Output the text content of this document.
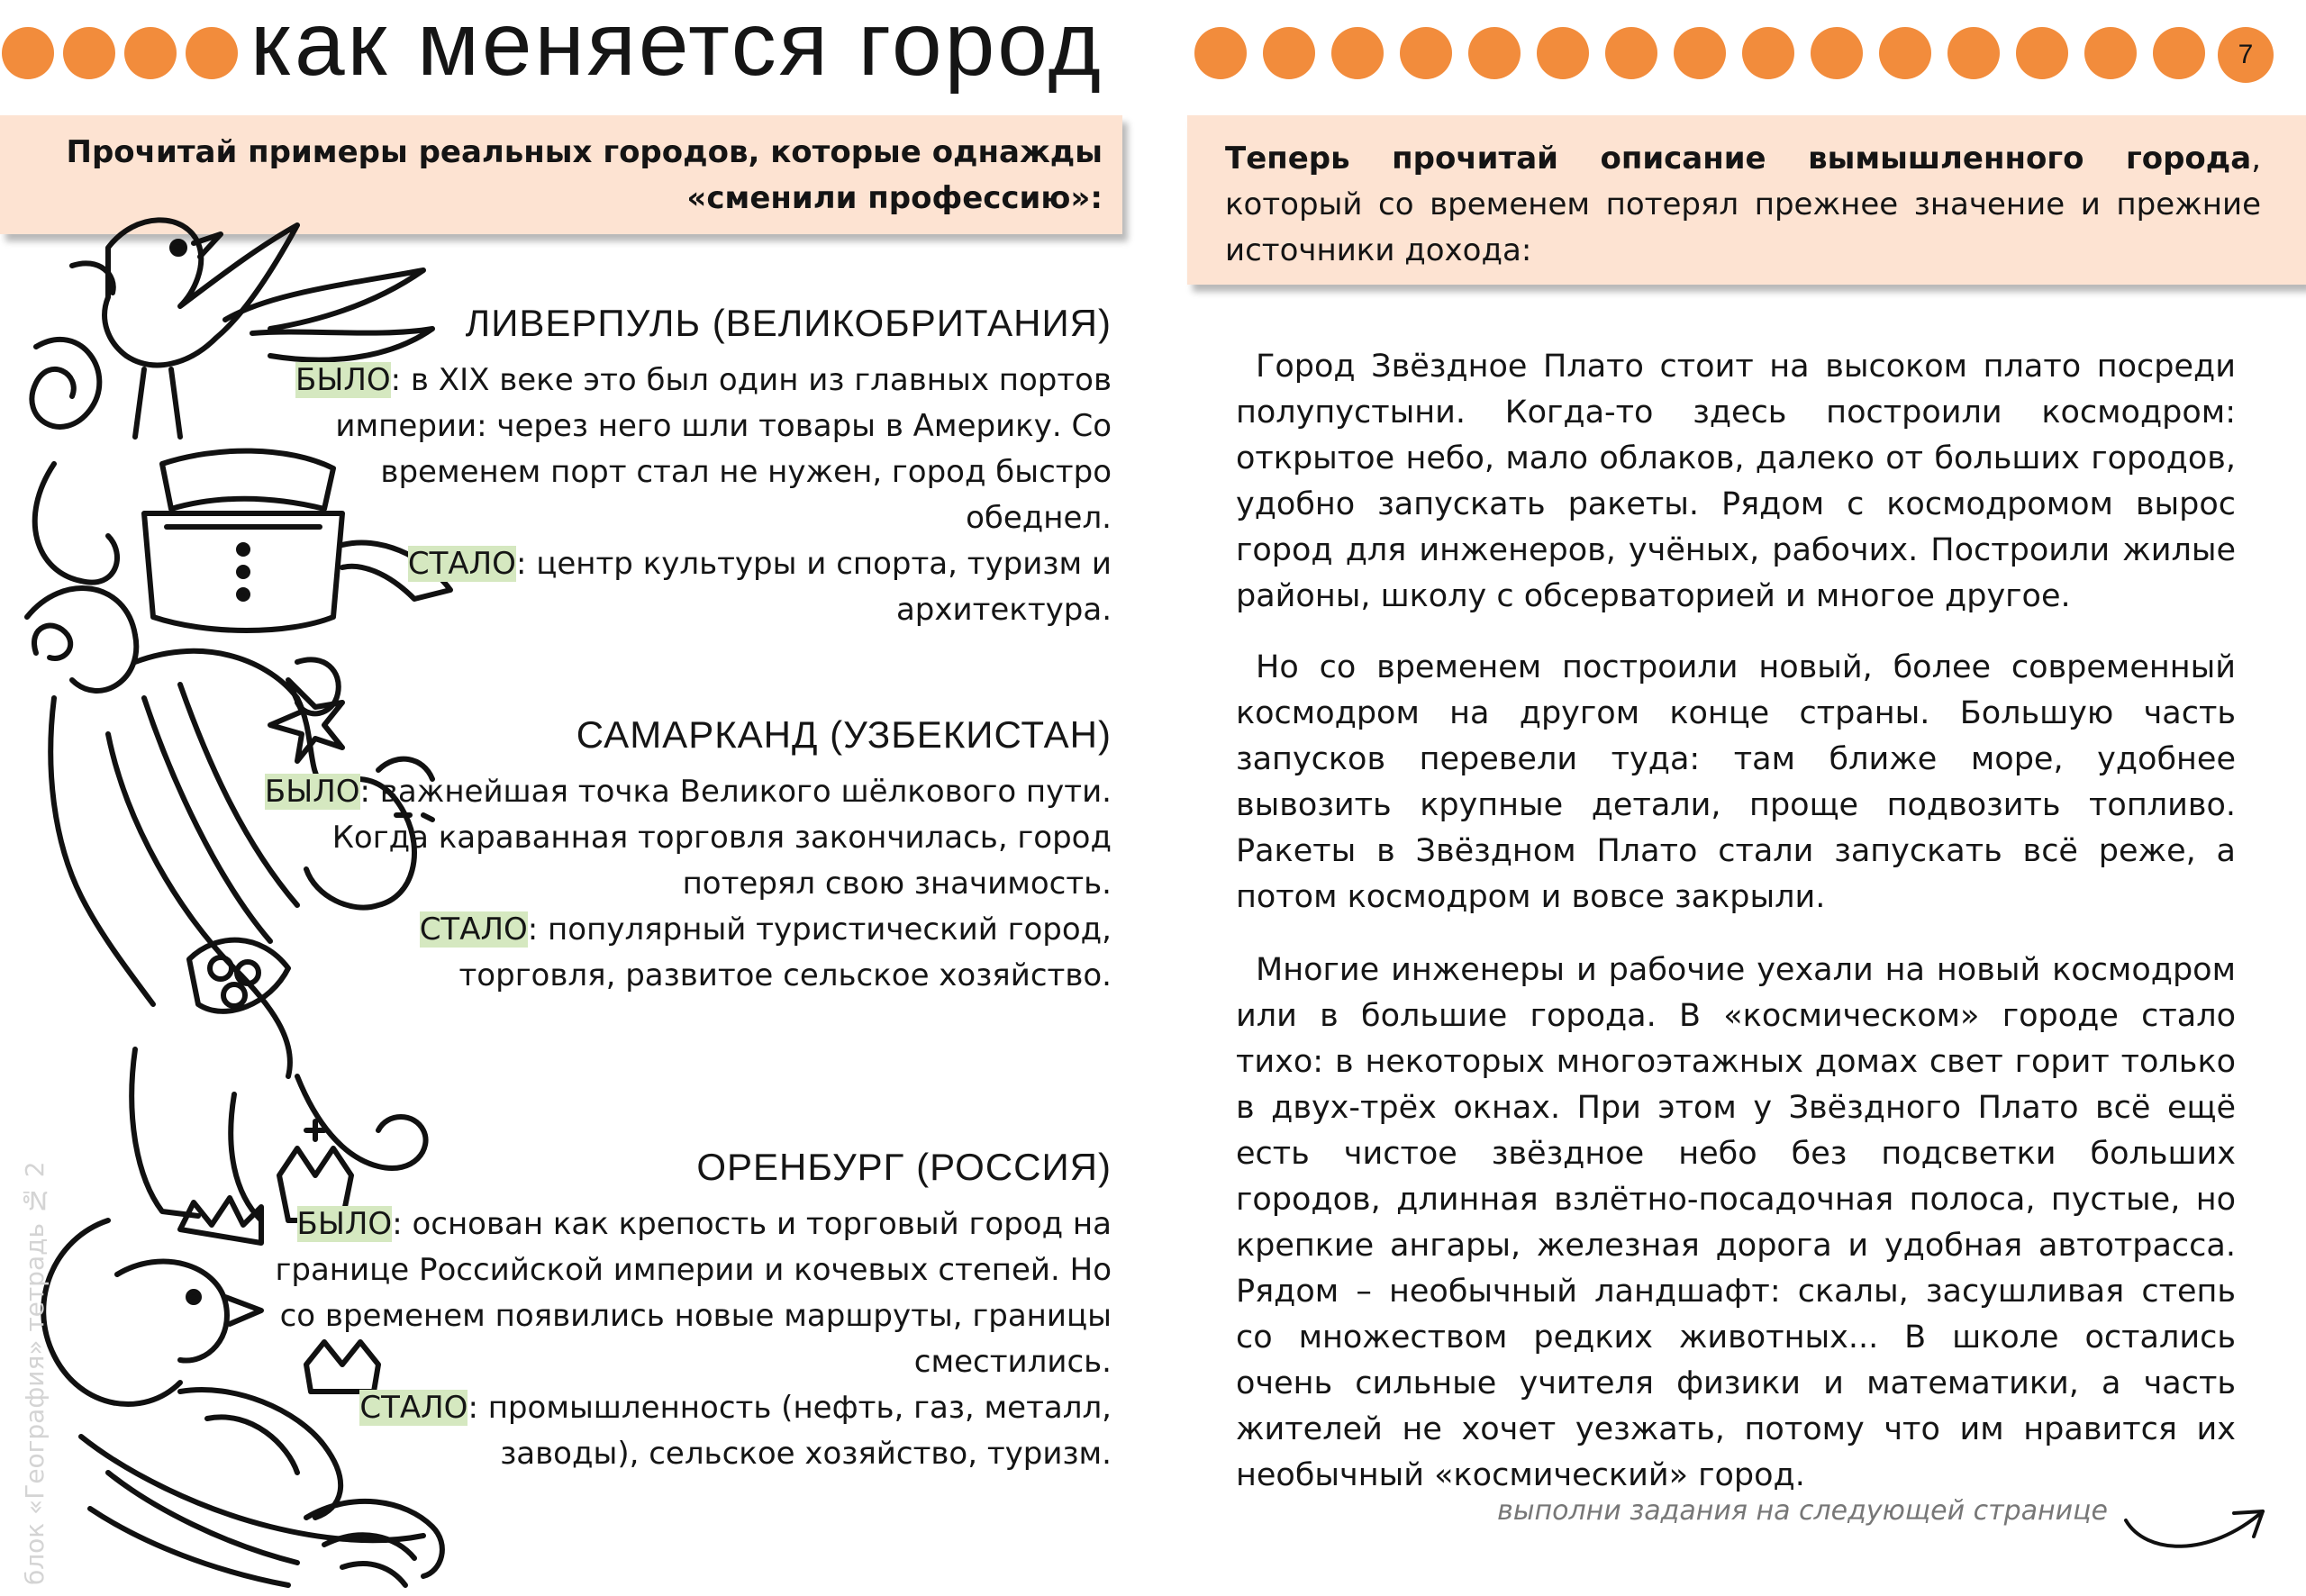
как меняется город	7

Прочитай примеры реальных городов, которые однажды «сменили профессию»:

Теперь прочитай описание вымышленного города, который со временем потерял прежнее значение и прежние источники дохода:

блок «География» тетрадь № 2
ЛИВЕРПУЛЬ (ВЕЛИКОБРИТАНИЯ)

БЫЛО: в XIX веке это был один из главных портов империи: через него шли товары в Америку. Со временем порт стал не нужен, город быстро обеднел.

СТАЛО: центр культуры и спорта, туризм и архитектура.

САМАРКАНД (УЗБЕКИСТАН)

БЫЛО: важнейшая точка Великого шёлкового пути. Когда караванная торговля закончилась, город потерял свою значимость.

СТАЛО: популярный туристический город, торговля, развитое сельское хозяйство.

ОРЕНБУРГ (РОССИЯ)

БЫЛО: основан как крепость и торговый город на границе Российской империи и кочевых степей. Но со временем появились новые маршруты, границы сместились.

СТАЛО: промышленность (нефть, газ, металл, заводы), сельское хозяйство, туризм.

Город Звёздное Плато стоит на высоком плато посреди полупустыни. Когда-то здесь построили космодром: открытое небо, мало облаков, далеко от больших городов, удобно запускать ракеты. Рядом с космодромом вырос город для инженеров, учёных, рабочих. Построили жилые районы, школу с обсерваторией и многое другое.

Но со временем построили новый, более современный космодром на другом конце страны. Большую часть запусков перевели туда: там ближе море, удобнее вывозить крупные детали, проще подвозить топливо. Ракеты в Звёздном Плато стали запускать всё реже, а потом космодром и вовсе закрыли.

Многие инженеры и рабочие уехали на новый космодром или в большие города. В «космическом» городе стало тихо: в некоторых многоэтажных домах свет горит только в двух-трёх окнах. При этом у Звёздного Плато всё ещё есть чистое звёздное небо без подсветки больших городов, длинная взлётно-посадочная полоса, пустые, но крепкие ангары, железная дорога и удобная автотрасса. Рядом – необычный ландшафт: скалы, засушливая степь со множеством редких животных... В школе остались очень сильные учителя физики и математики, а часть жителей не хочет уезжать, потому что им нравится их необычный «космический» город.

выполни задания на следующей странице
